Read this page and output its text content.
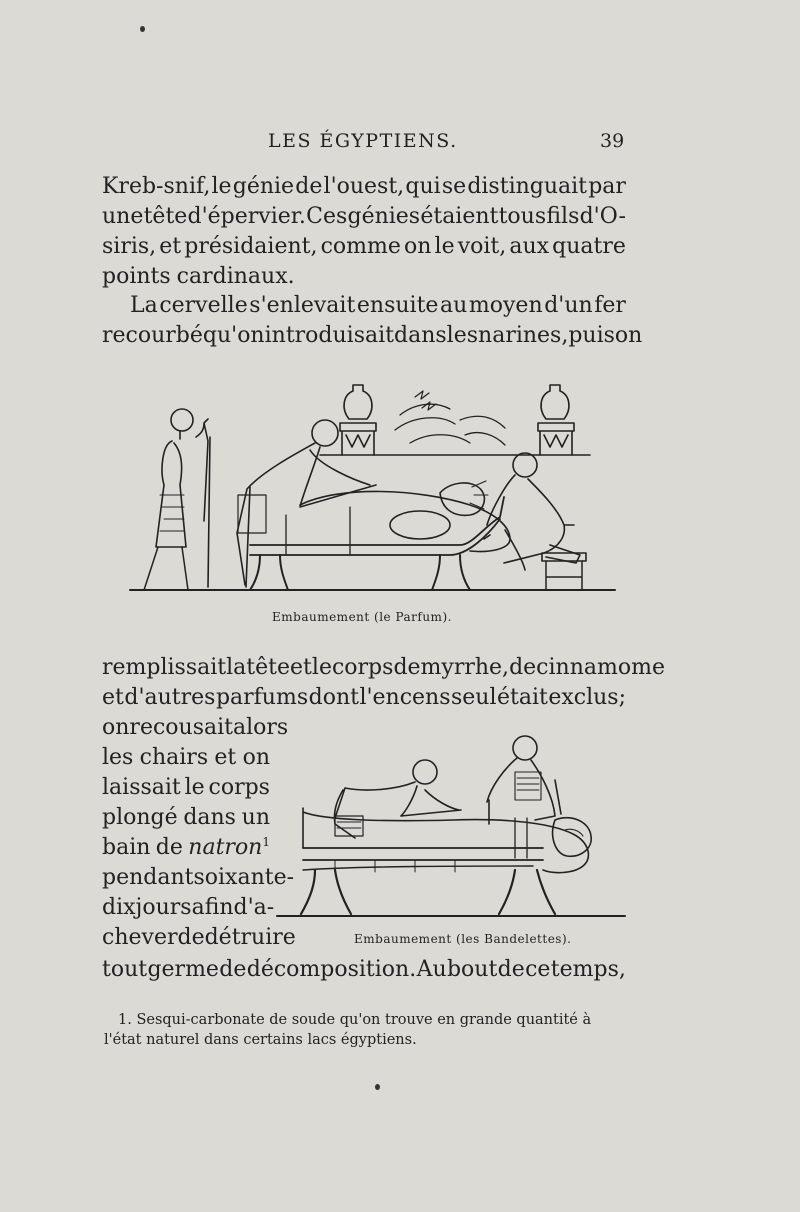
LES ÉGYPTIENS.	39
Kreb-snif, le génie de l'ouest, qui se distinguait par
une tête d'épervier. Ces génies étaient tous fils d'O-
siris, et présidaient, comme on le voit, aux quatre
points cardinaux.
La cervelle s'enlevait ensuite au moyen d'un fer
recourbé qu'on introduisait dans les narines, puis on
Embaumement (le Parfum).
remplissait la tête et le corps de myrrhe, de cinnamome
et d'autres parfums dont l'encens seul était exclus;
on recousait alors
les chairs et on
laissait le corps
plongé dans un
bain de natron$^1$
pendant soixante-
dix jours afin d'a-
chever de détruire	Embaumement (les Bandelettes).
tout germe de décomposition. Au bout de ce temps,
1. Sesqui-carbonate de soude qu'on trouve en grande quantité à
l'état naturel dans certains lacs égyptiens.
